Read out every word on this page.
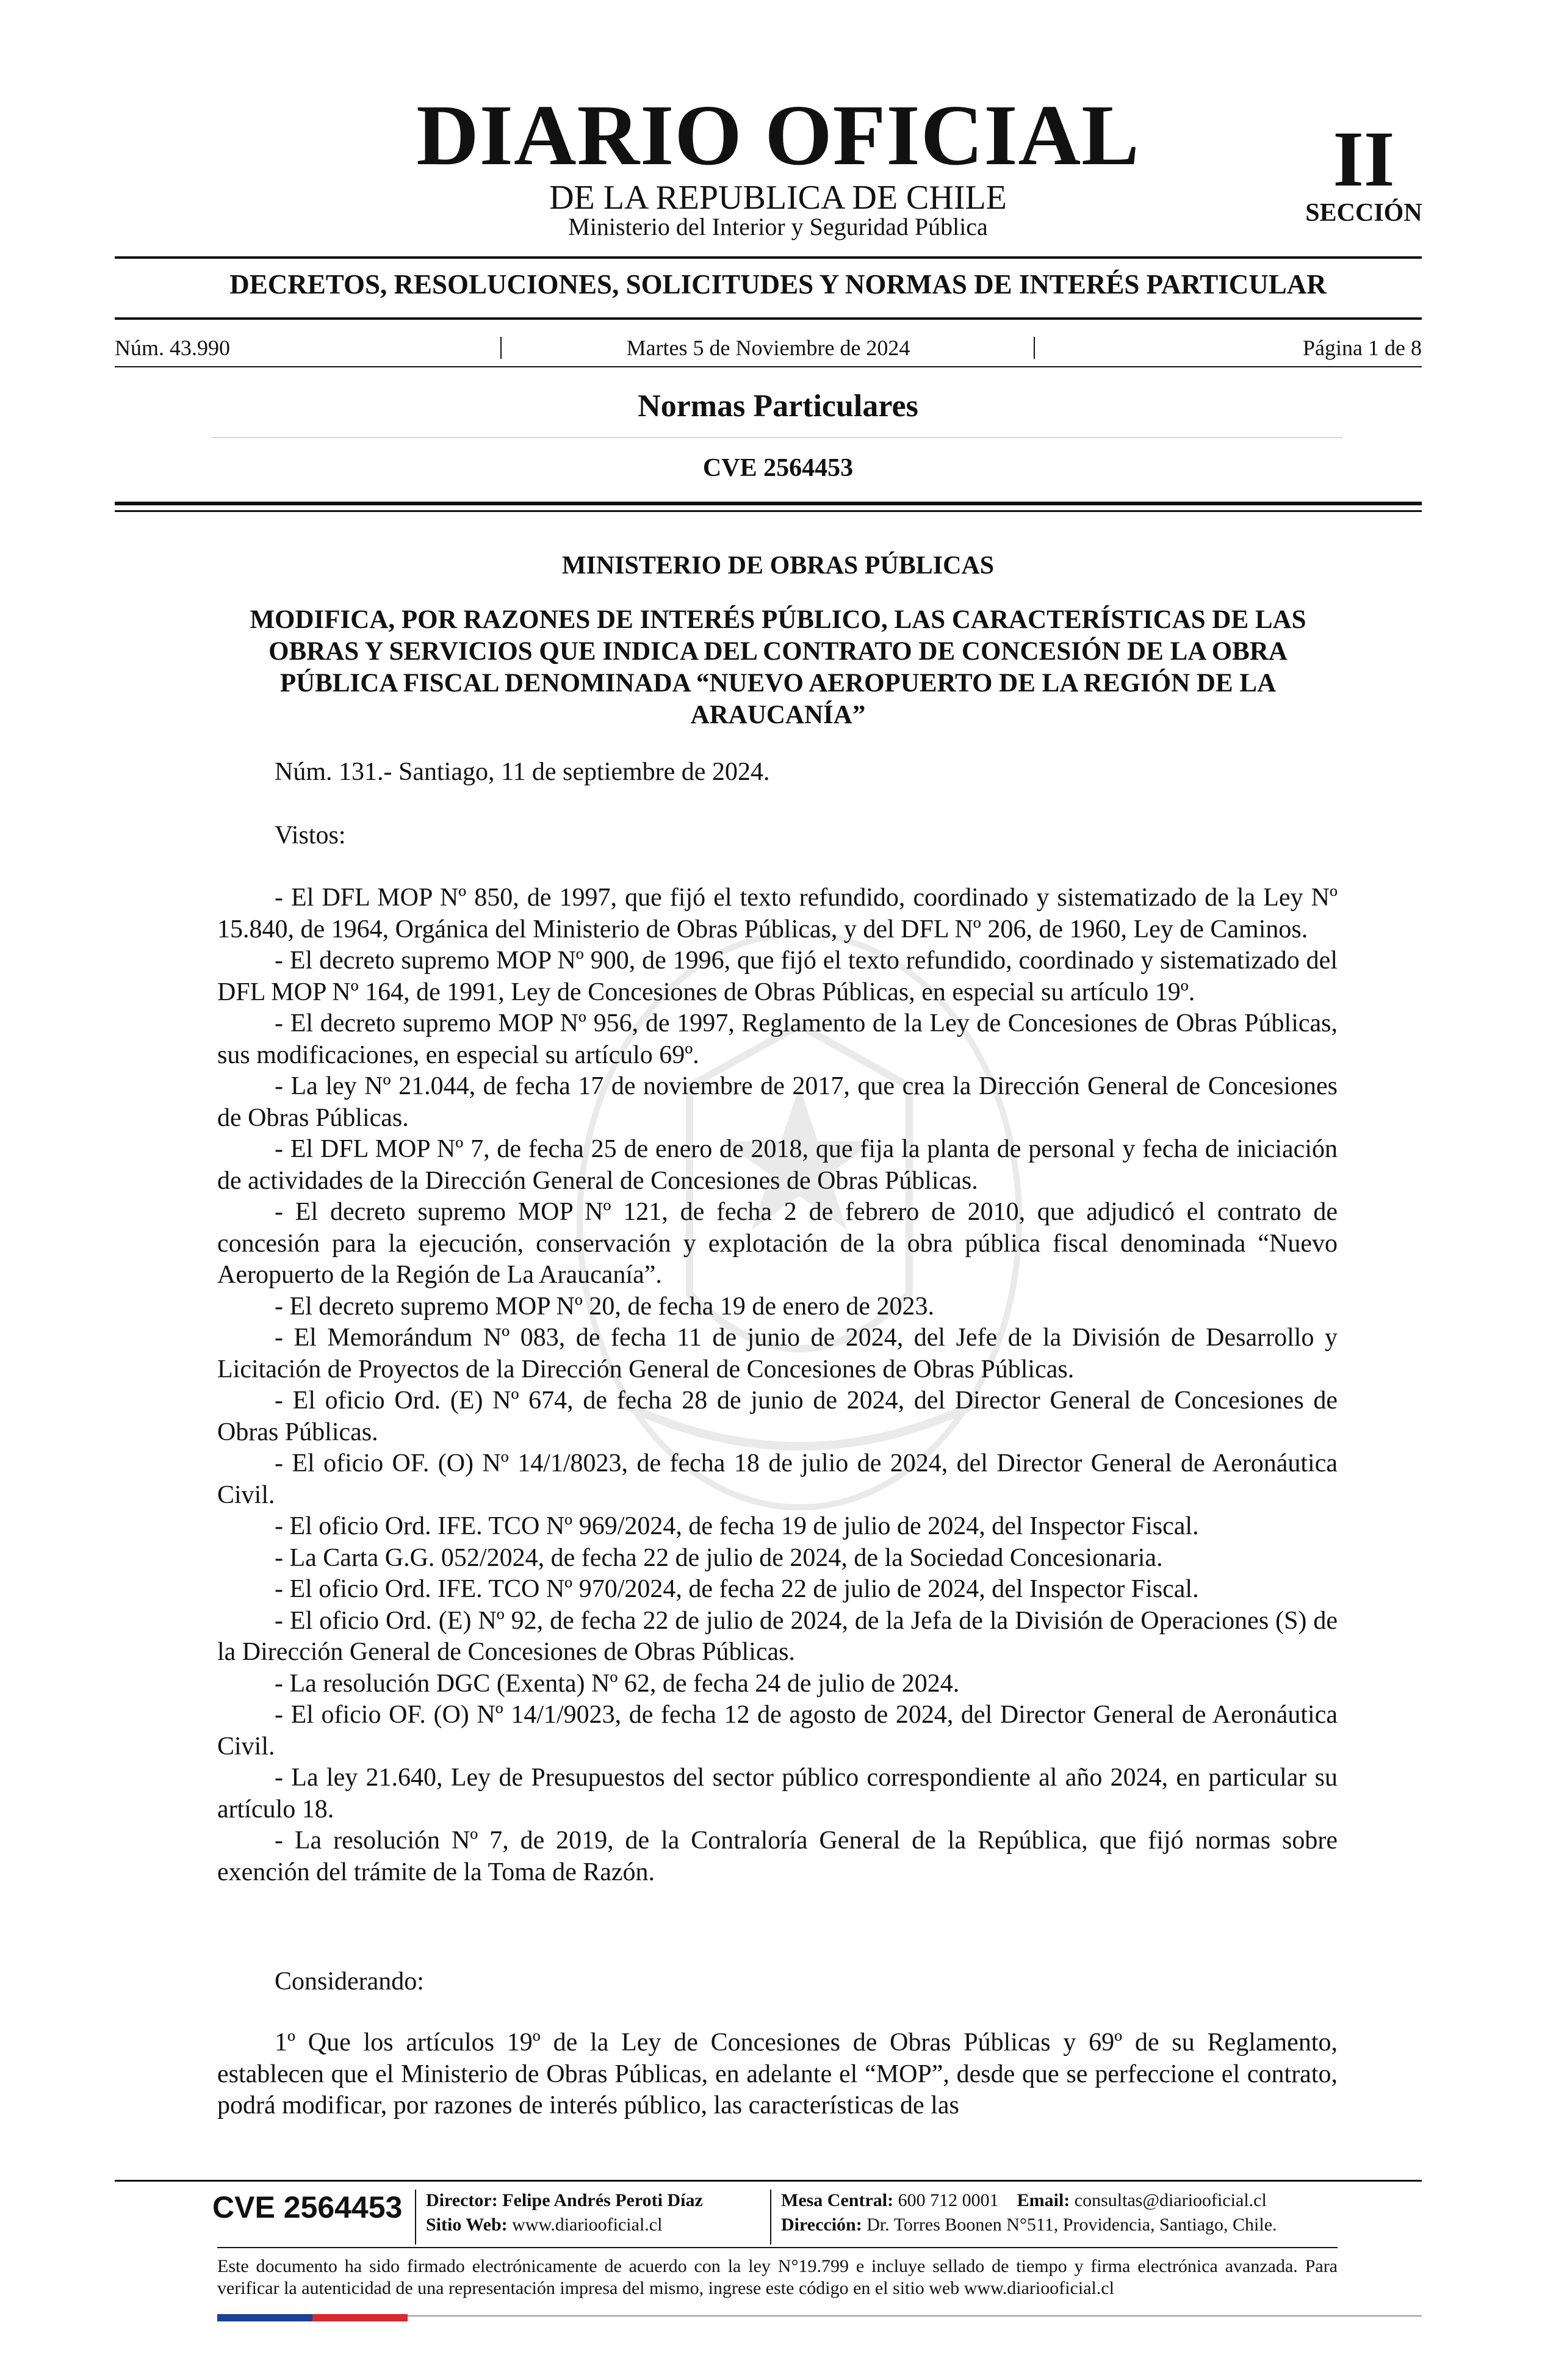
DIARIO OFICIAL
DE LA REPUBLICA DE CHILE
Ministerio del Interior y Seguridad Pública
II
SECCIÓN
DECRETOS, RESOLUCIONES, SOLICITUDES Y NORMAS DE INTERÉS PARTICULAR
Núm. 43.990	Martes 5 de Noviembre de 2024	Página 1 de 8
Normas Particulares
CVE 2564453
MINISTERIO DE OBRAS PÚBLICAS
MODIFICA, POR RAZONES DE INTERÉS PÚBLICO, LAS CARACTERÍSTICAS DE LAS OBRAS Y SERVICIOS QUE INDICA DEL CONTRATO DE CONCESIÓN DE LA OBRA PÚBLICA FISCAL DENOMINADA “NUEVO AEROPUERTO DE LA REGIÓN DE LA ARAUCANÍA”
Núm. 131.- Santiago, 11 de septiembre de 2024.
Vistos:

- El DFL MOP Nº 850, de 1997, que fijó el texto refundido, coordinado y sistematizado de la Ley Nº 15.840, de 1964, Orgánica del Ministerio de Obras Públicas, y del DFL Nº 206, de 1960, Ley de Caminos.

- El decreto supremo MOP Nº 900, de 1996, que fijó el texto refundido, coordinado y sistematizado del DFL MOP Nº 164, de 1991, Ley de Concesiones de Obras Públicas, en especial su artículo 19º.

- El decreto supremo MOP Nº 956, de 1997, Reglamento de la Ley de Concesiones de Obras Públicas, sus modificaciones, en especial su artículo 69º.

- La ley Nº 21.044, de fecha 17 de noviembre de 2017, que crea la Dirección General de Concesiones de Obras Públicas.

- El DFL MOP Nº 7, de fecha 25 de enero de 2018, que fija la planta de personal y fecha de iniciación de actividades de la Dirección General de Concesiones de Obras Públicas.

- El decreto supremo MOP Nº 121, de fecha 2 de febrero de 2010, que adjudicó el contrato de concesión para la ejecución, conservación y explotación de la obra pública fiscal denominada “Nuevo Aeropuerto de la Región de La Araucanía”.

- El decreto supremo MOP Nº 20, de fecha 19 de enero de 2023.

- El Memorándum Nº 083, de fecha 11 de junio de 2024, del Jefe de la División de Desarrollo y Licitación de Proyectos de la Dirección General de Concesiones de Obras Públicas.

- El oficio Ord. (E) Nº 674, de fecha 28 de junio de 2024, del Director General de Concesiones de Obras Públicas.

- El oficio OF. (O) Nº 14/1/8023, de fecha 18 de julio de 2024, del Director General de Aeronáutica Civil.

- El oficio Ord. IFE. TCO Nº 969/2024, de fecha 19 de julio de 2024, del Inspector Fiscal.

- La Carta G.G. 052/2024, de fecha 22 de julio de 2024, de la Sociedad Concesionaria.

- El oficio Ord. IFE. TCO Nº 970/2024, de fecha 22 de julio de 2024, del Inspector Fiscal.

- El oficio Ord. (E) Nº 92, de fecha 22 de julio de 2024, de la Jefa de la División de Operaciones (S) de la Dirección General de Concesiones de Obras Públicas.

- La resolución DGC (Exenta) Nº 62, de fecha 24 de julio de 2024.

- El oficio OF. (O) Nº 14/1/9023, de fecha 12 de agosto de 2024, del Director General de Aeronáutica Civil.

- La ley 21.640, Ley de Presupuestos del sector público correspondiente al año 2024, en particular su artículo 18.

- La resolución Nº 7, de 2019, de la Contraloría General de la República, que fijó normas sobre exención del trámite de la Toma de Razón.

Considerando:
1º Que los artículos 19º de la Ley de Concesiones de Obras Públicas y 69º de su Reglamento, establecen que el Ministerio de Obras Públicas, en adelante el “MOP”, desde que se perfeccione el contrato, podrá modificar, por razones de interés público, las características de las
CVE 2564453 Director: Felipe Andrés Peroti Díaz
Sitio Web: www.diariooficial.cl
Mesa Central: 600 712 0001 Email: consultas@diariooficial.cl
Dirección: Dr. Torres Boonen N°511, Providencia, Santiago, Chile.
Este documento ha sido firmado electrónicamente de acuerdo con la ley N°19.799 e incluye sellado de tiempo y firma electrónica avanzada. Para verificar la autenticidad de una representación impresa del mismo, ingrese este código en el sitio web www.diariooficial.cl
